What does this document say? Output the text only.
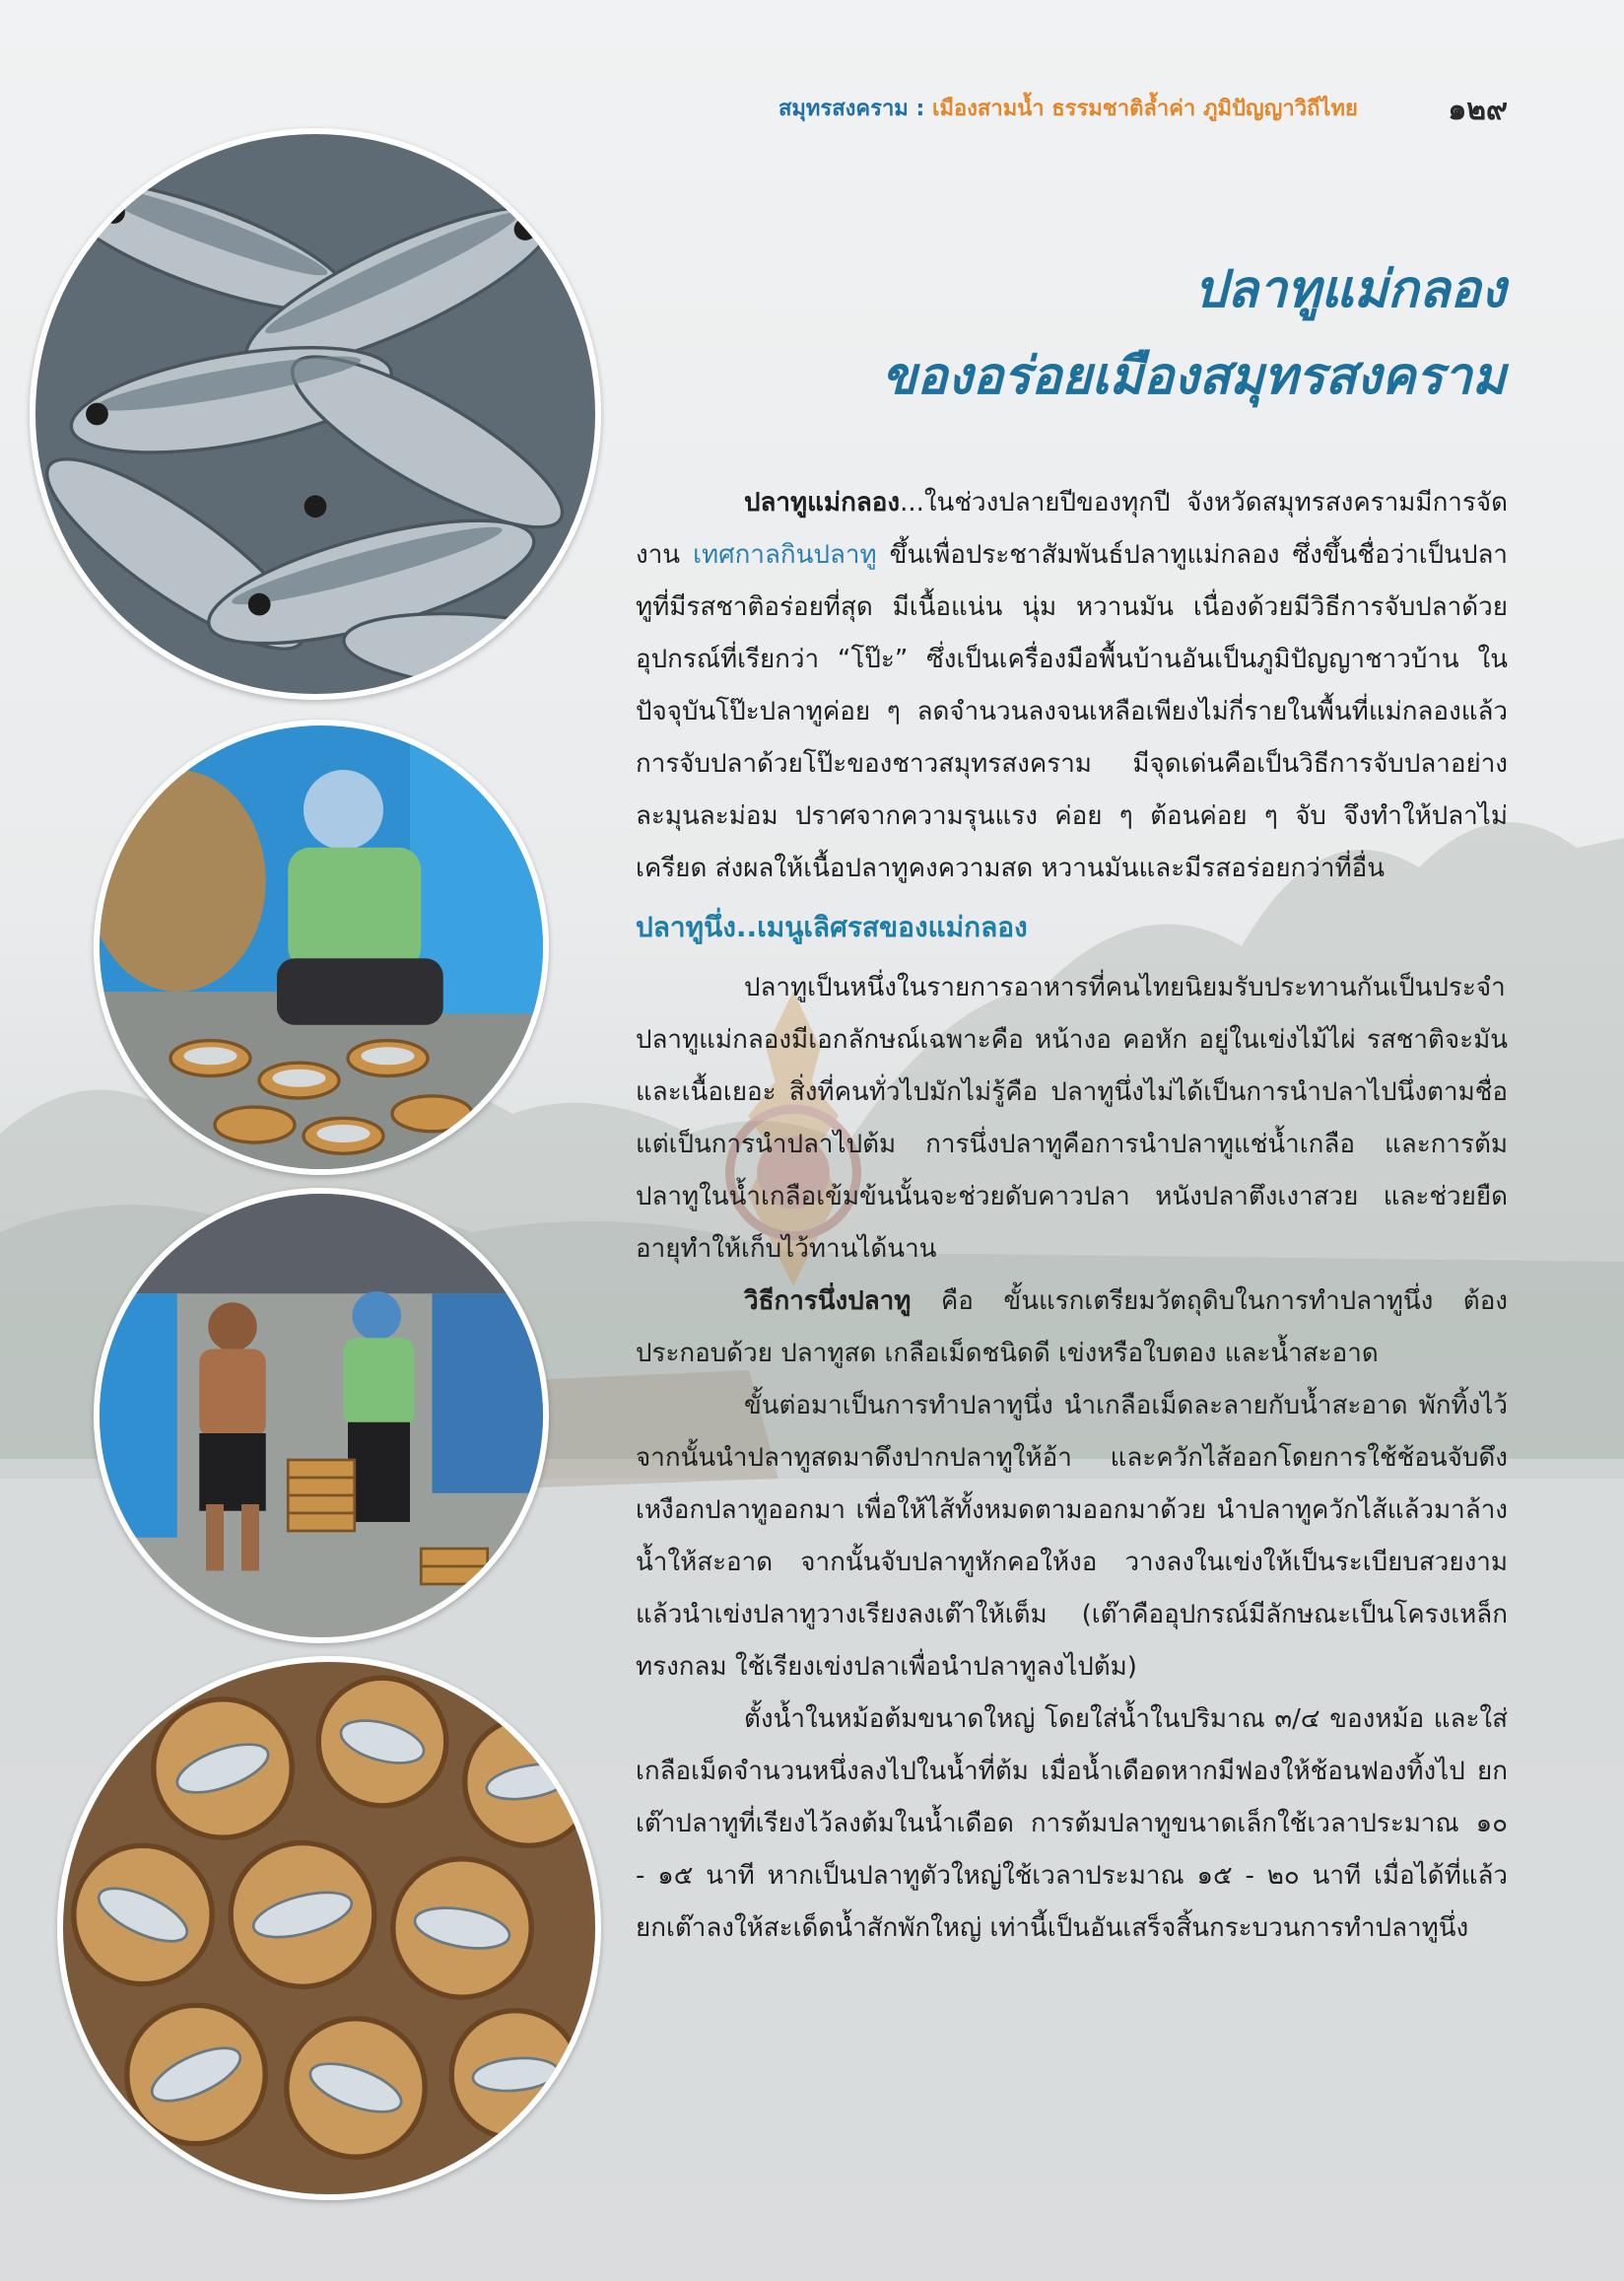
สมุทรสงคราม : เมืองสามน้ำ ธรรมชาติล้ำค่า ภูมิปัญญาวิถีไทย	๑๒๙
ปลาทูแม่กลอง
ของอร่อยเมืองสมุทรสงคราม

ปลาทูแม่กลอง...ในช่วงปลายปีของทุกปี จังหวัดสมุทรสงครามมีการจัดงาน เทศกาลกินปลาทู ขึ้นเพื่อประชาสัมพันธ์ปลาทูแม่กลอง ซึ่งขึ้นชื่อว่าเป็นปลาทูที่มีรสชาติอร่อยที่สุด มีเนื้อแน่น นุ่ม หวานมัน เนื่องด้วยมีวิธีการจับปลาด้วยอุปกรณ์ที่เรียกว่า “โป๊ะ” ซึ่งเป็นเครื่องมือพื้นบ้านอันเป็นภูมิปัญญาชาวบ้าน ในปัจจุบันโป๊ะปลาทูค่อย ๆ ลดจำนวนลงจนเหลือเพียงไม่กี่รายในพื้นที่แม่กลองแล้ว การจับปลาด้วยโป๊ะของชาวสมุทรสงคราม มีจุดเด่นคือเป็นวิธีการจับปลาอย่างละมุนละม่อม ปราศจากความรุนแรง ค่อย ๆ ต้อนค่อย ๆ จับ จึงทำให้ปลาไม่เครียด ส่งผลให้เนื้อปลาทูคงความสด หวานมันและมีรสอร่อยกว่าที่อื่น

ปลาทูนึ่ง..เมนูเลิศรสของแม่กลอง

ปลาทูเป็นหนึ่งในรายการอาหารที่คนไทยนิยมรับประทานกันเป็นประจำ ปลาทูแม่กลองมีเอกลักษณ์เฉพาะคือ หน้างอ คอหัก อยู่ในเข่งไม้ไผ่ รสชาติจะมันและเนื้อเยอะ สิ่งที่คนทั่วไปมักไม่รู้คือ ปลาทูนึ่งไม่ได้เป็นการนำปลาไปนึ่งตามชื่อ แต่เป็นการนำปลาไปต้ม การนึ่งปลาทูคือการนำปลาทูแช่น้ำเกลือ และการต้มปลาทูในน้ำเกลือเข้มข้นนั้นจะช่วยดับคาวปลา หนังปลาตึงเงาสวย และช่วยยืดอายุทำให้เก็บไว้ทานได้นาน

วิธีการนึ่งปลาทู คือ ขั้นแรกเตรียมวัตถุดิบในการทำปลาทูนึ่ง ต้องประกอบด้วย ปลาทูสด เกลือเม็ดชนิดดี เข่งหรือใบตอง และน้ำสะอาด

ขั้นต่อมาเป็นการทำปลาทูนึ่ง นำเกลือเม็ดละลายกับน้ำสะอาด พักทิ้งไว้ จากนั้นนำปลาทูสดมาดึงปากปลาทูให้อ้า และควักไส้ออกโดยการใช้ช้อนจับดึงเหงือกปลาทูออกมา เพื่อให้ไส้ทั้งหมดตามออกมาด้วย นำปลาทูควักไส้แล้วมาล้างน้ำให้สะอาด จากนั้นจับปลาทูหักคอให้งอ วางลงในเข่งให้เป็นระเบียบสวยงาม แล้วนำเข่งปลาทูวางเรียงลงเต๊าให้เต็ม (เต๊าคืออุปกรณ์มีลักษณะเป็นโครงเหล็กทรงกลม ใช้เรียงเข่งปลาเพื่อนำปลาทูลงไปต้ม)

ตั้งน้ำในหม้อต้มขนาดใหญ่ โดยใส่น้ำในปริมาณ ๓/๔ ของหม้อ และใส่เกลือเม็ดจำนวนหนึ่งลงไปในน้ำที่ต้ม เมื่อน้ำเดือดหากมีฟองให้ช้อนฟองทิ้งไป ยกเต๊าปลาทูที่เรียงไว้ลงต้มในน้ำเดือด การต้มปลาทูขนาดเล็กใช้เวลาประมาณ ๑๐ - ๑๕ นาที หากเป็นปลาทูตัวใหญ่ใช้เวลาประมาณ ๑๕ - ๒๐ นาที เมื่อได้ที่แล้ว ยกเต๊าลงให้สะเด็ดน้ำสักพักใหญ่ เท่านี้เป็นอันเสร็จสิ้นกระบวนการทำปลาทูนึ่ง
